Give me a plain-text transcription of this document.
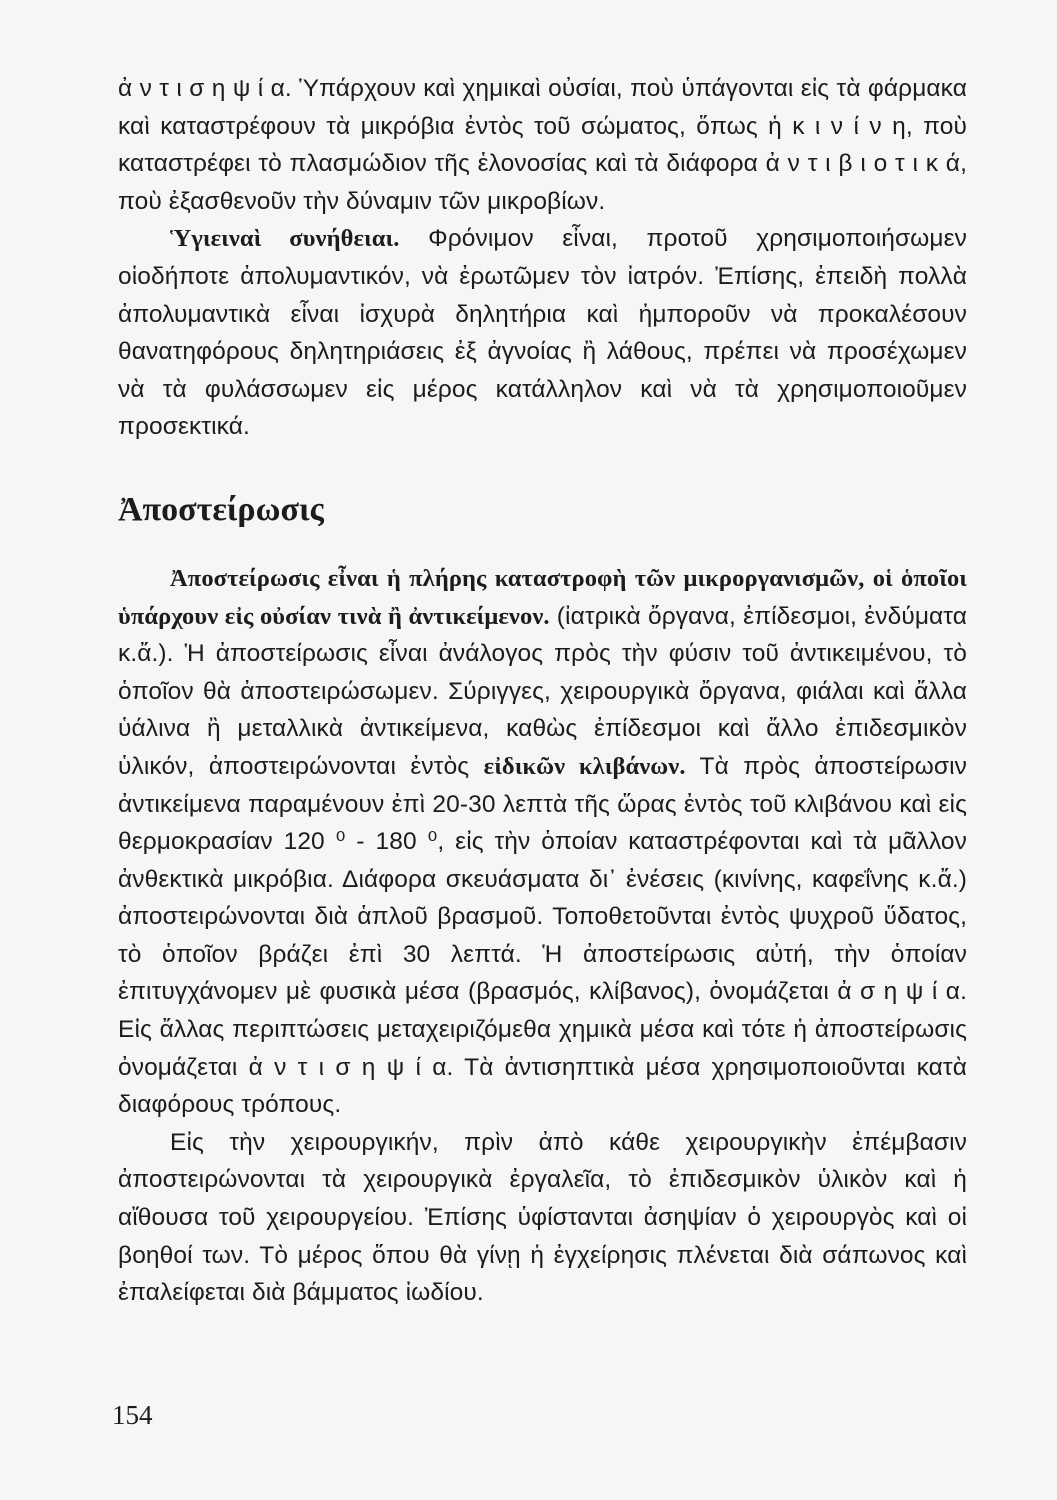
ἀ ν τ ι σ η ψ ί α. Ὑπάρχουν καὶ χημικαὶ οὐσίαι, ποὺ ὑπάγονται εἰς τὰ φάρμακα καὶ καταστρέφουν τὰ μικρόβια ἐντὸς τοῦ σώματος, ὅπως ἡ κ ι ν ί ν η, ποὺ καταστρέφει τὸ πλασμώδιον τῆς ἑλονοσίας καὶ τὰ διάφορα ἀ ν τ ι β ι ο τ ι κ ά, ποὺ ἐξασθενοῦν τὴν δύναμιν τῶν μικροβίων.

Ὑγιειναὶ συνήθειαι. Φρόνιμον εἶναι, προτοῦ χρησιμοποιήσωμεν οἱοδήποτε ἀπολυμαντικόν, νὰ ἐρωτῶμεν τὸν ἰατρόν. Ἐπίσης, ἐπειδὴ πολλὰ ἀπολυμαντικὰ εἶναι ἰσχυρὰ δηλητήρια καὶ ἠμποροῦν νὰ προκαλέσουν θανατηφόρους δηλητηριάσεις ἐξ ἀγνοίας ἢ λάθους, πρέπει νὰ προσέχωμεν νὰ τὰ φυλάσσωμεν εἰς μέρος κατάλληλον καὶ νὰ τὰ χρησιμοποιοῦμεν προσεκτικά.

Ἀποστείρωσις

Ἀποστείρωσις εἶναι ἡ πλήρης καταστροφὴ τῶν μικροργανισμῶν, οἱ ὁποῖοι ὑπάρχουν εἰς οὐσίαν τινὰ ἢ ἀντικείμενον. (ἰατρικὰ ὄργανα, ἐπίδεσμοι, ἐνδύματα κ.ἄ.). Ἡ ἀποστείρωσις εἶναι ἀνάλογος πρὸς τὴν φύσιν τοῦ ἀντικειμένου, τὸ ὁποῖον θὰ ἀποστειρώσωμεν. Σύριγγες, χειρουργικὰ ὄργανα, φιάλαι καὶ ἄλλα ὑάλινα ἢ μεταλλικὰ ἀντικείμενα, καθὼς ἐπίδεσμοι καὶ ἄλλο ἐπιδεσμικὸν ὑλικόν, ἀποστειρώνονται ἐντὸς εἰδικῶν κλιβάνων. Τὰ πρὸς ἀποστείρωσιν ἀντικείμενα παραμένουν ἐπὶ 20-30 λεπτὰ τῆς ὥρας ἐντὸς τοῦ κλιβάνου καὶ εἰς θερμοκρασίαν 120 ⁰ - 180 ⁰, εἰς τὴν ὁποίαν καταστρέφονται καὶ τὰ μᾶλλον ἀνθεκτικὰ μικρόβια. Διάφορα σκευάσματα δι᾽ ἐνέσεις (κινίνης, καφεΐνης κ.ἄ.) ἀποστειρώνονται διὰ ἁπλοῦ βρασμοῦ. Τοποθετοῦνται ἐντὸς ψυχροῦ ὕδατος, τὸ ὁποῖον βράζει ἐπὶ 30 λεπτά. Ἡ ἀποστείρωσις αὐτή, τὴν ὁποίαν ἐπιτυγχάνομεν μὲ φυσικὰ μέσα (βρασμός, κλίβανος), ὀνομάζεται ἀ σ η ψ ί α. Εἰς ἄλλας περιπτώσεις μεταχειριζόμεθα χημικὰ μέσα καὶ τότε ἡ ἀποστείρωσις ὀνομάζεται ἀ ν τ ι σ η ψ ί α. Τὰ ἀντισηπτικὰ μέσα χρησιμοποιοῦνται κατὰ διαφόρους τρόπους.

Εἰς τὴν χειρουργικήν, πρὶν ἀπὸ κάθε χειρουργικὴν ἐπέμβασιν ἀποστειρώνονται τὰ χειρουργικὰ ἐργαλεῖα, τὸ ἐπιδεσμικὸν ὑλικὸν καὶ ἡ αἴθουσα τοῦ χειρουργείου. Ἐπίσης ὑφίστανται ἀσηψίαν ὁ χειρουργὸς καὶ οἱ βοηθοί των. Τὸ μέρος ὅπου θὰ γίνῃ ἡ ἐγχείρησις πλένεται διὰ σάπωνος καὶ ἐπαλείφεται διὰ βάμματος ἰωδίου.

154
